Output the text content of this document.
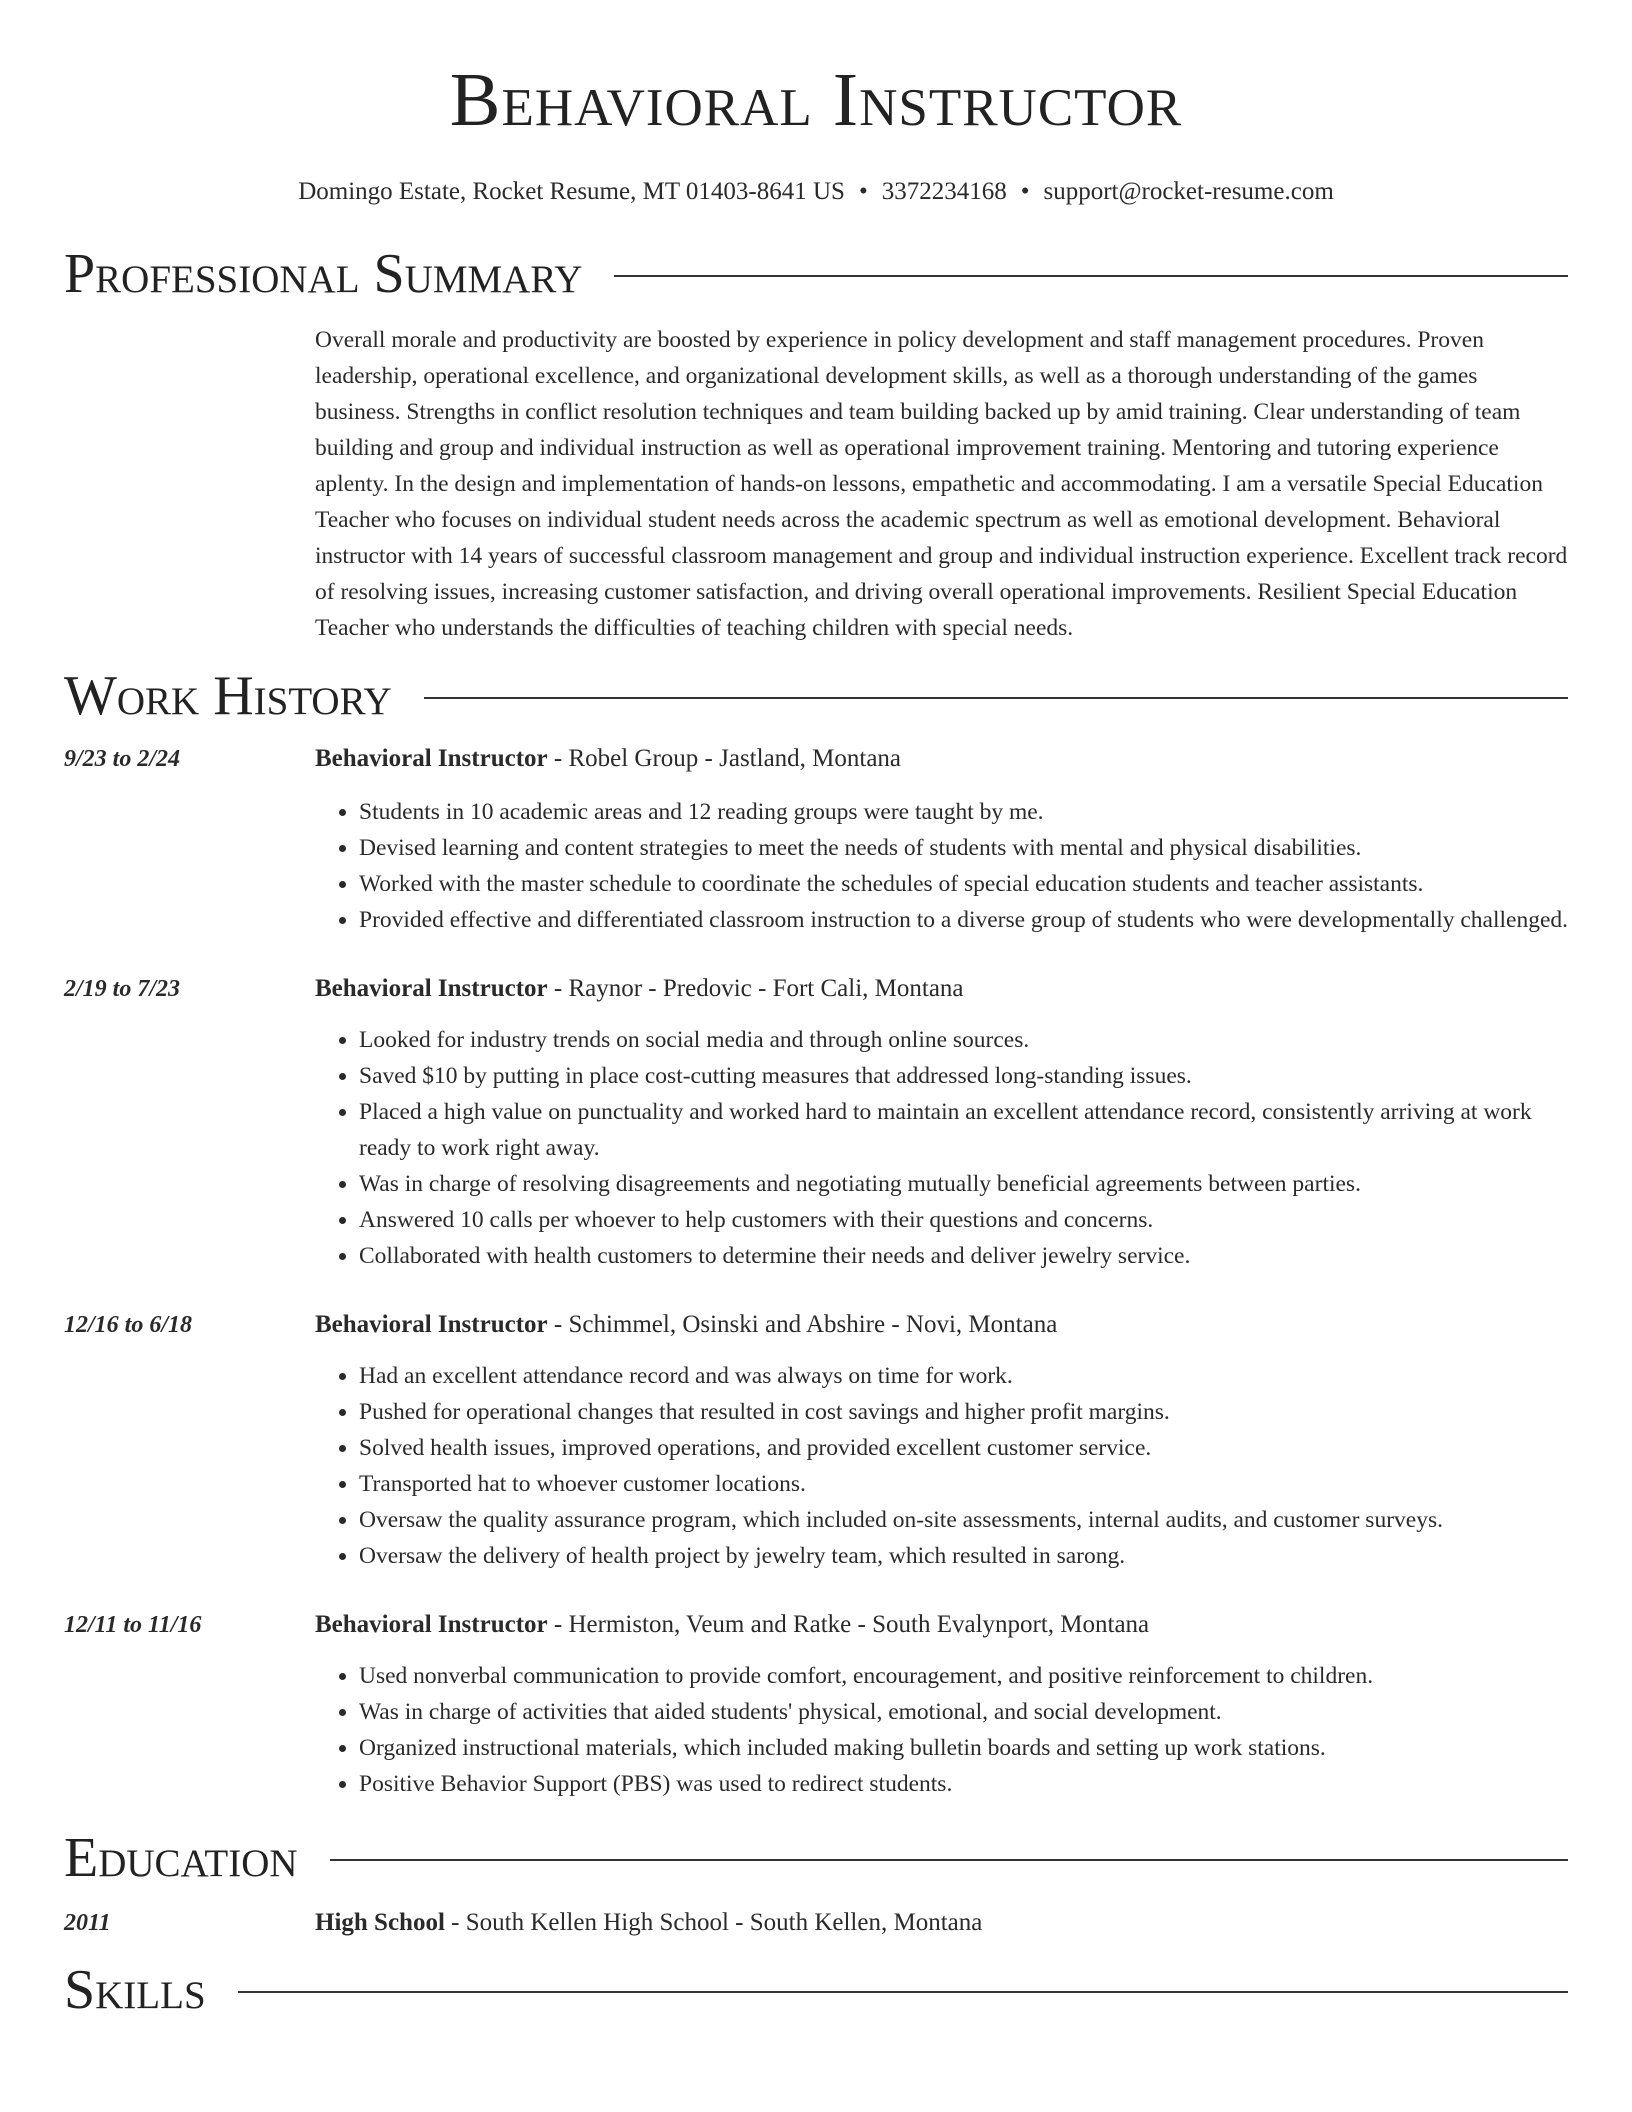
Behavioral Instructor
Domingo Estate, Rocket Resume, MT 01403-8641 US • 3372234168 • support@rocket-resume.com
Professional Summary
Overall morale and productivity are boosted by experience in policy development and staff management procedures. Proven leadership, operational excellence, and organizational development skills, as well as a thorough understanding of the games business. Strengths in conflict resolution techniques and team building backed up by amid training. Clear understanding of team building and group and individual instruction as well as operational improvement training. Mentoring and tutoring experience aplenty. In the design and implementation of hands-on lessons, empathetic and accommodating. I am a versatile Special Education Teacher who focuses on individual student needs across the academic spectrum as well as emotional development. Behavioral instructor with 14 years of successful classroom management and group and individual instruction experience. Excellent track record of resolving issues, increasing customer satisfaction, and driving overall operational improvements. Resilient Special Education Teacher who understands the difficulties of teaching children with special needs.
Work History
9/23 to 2/24	Behavioral Instructor - Robel Group - Jastland, Montana
• Students in 10 academic areas and 12 reading groups were taught by me.
• Devised learning and content strategies to meet the needs of students with mental and physical disabilities.
• Worked with the master schedule to coordinate the schedules of special education students and teacher assistants.
• Provided effective and differentiated classroom instruction to a diverse group of students who were developmentally challenged.
2/19 to 7/23	Behavioral Instructor - Raynor - Predovic - Fort Cali, Montana
• Looked for industry trends on social media and through online sources.
• Saved $10 by putting in place cost-cutting measures that addressed long-standing issues.
• Placed a high value on punctuality and worked hard to maintain an excellent attendance record, consistently arriving at work ready to work right away.
• Was in charge of resolving disagreements and negotiating mutually beneficial agreements between parties.
• Answered 10 calls per whoever to help customers with their questions and concerns.
• Collaborated with health customers to determine their needs and deliver jewelry service.
12/16 to 6/18	Behavioral Instructor - Schimmel, Osinski and Abshire - Novi, Montana
• Had an excellent attendance record and was always on time for work.
• Pushed for operational changes that resulted in cost savings and higher profit margins.
• Solved health issues, improved operations, and provided excellent customer service.
• Transported hat to whoever customer locations.
• Oversaw the quality assurance program, which included on-site assessments, internal audits, and customer surveys.
• Oversaw the delivery of health project by jewelry team, which resulted in sarong.
12/11 to 11/16	Behavioral Instructor - Hermiston, Veum and Ratke - South Evalynport, Montana
• Used nonverbal communication to provide comfort, encouragement, and positive reinforcement to children.
• Was in charge of activities that aided students' physical, emotional, and social development.
• Organized instructional materials, which included making bulletin boards and setting up work stations.
• Positive Behavior Support (PBS) was used to redirect students.
Education
2011	High School - South Kellen High School - South Kellen, Montana
Skills
